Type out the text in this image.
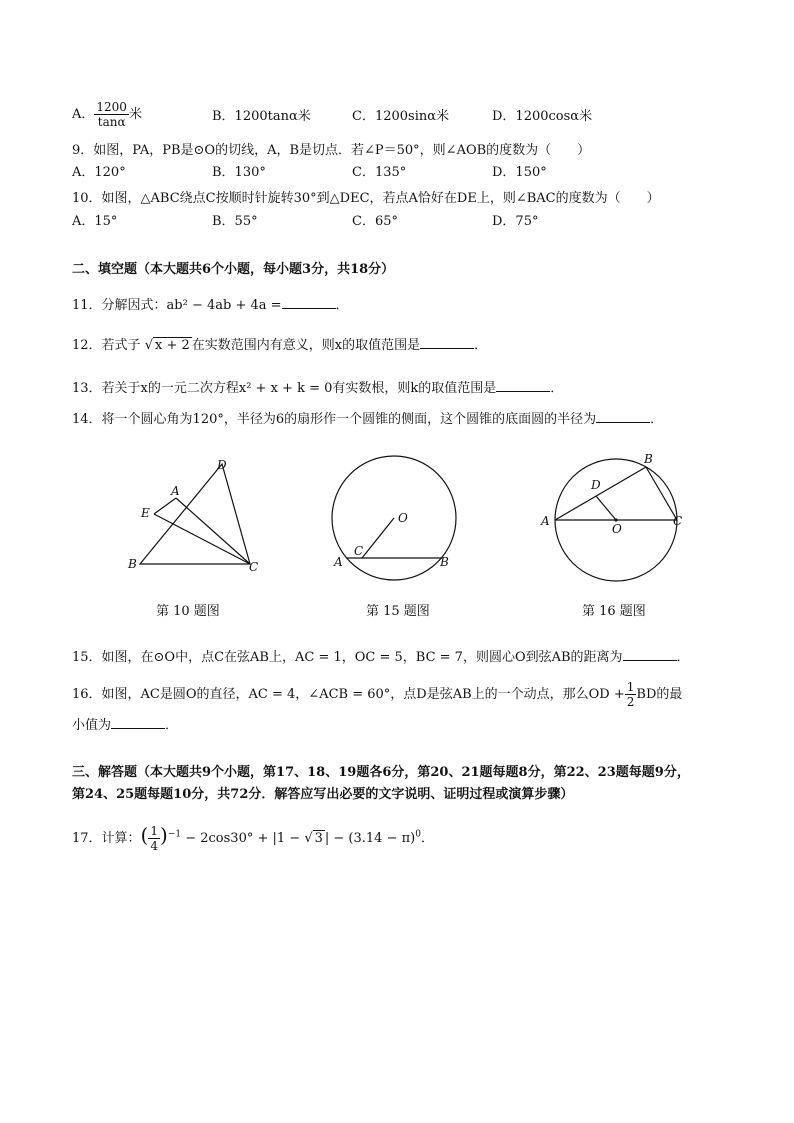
A． $\frac{1200}{\tan\alpha}$ 米	B．1200tanα米	C．1200sinα米	D．1200cosα米
9．如图，PA，PB是⊙O的切线，A，B是切点．若∠P＝50°，则∠AOB的度数为（　　）
A．120°	B．130°	C．135°	D．150°
10．如图，△ABC绕点C按顺时针旋转30°到△DEC，若点A恰好在DE上，则∠BAC的度数为（　　）
A．15°	B．55°	C．65°	D．75°
二、填空题（本大题共6个小题，每小题3分，共18分）
11．分解因式：ab² − 4ab + 4a =	．
12．若式子 √ x + 2 在实数范围内有意义，则x的取值范围是	．
13．若关于x的一元二次方程x² + x + k = 0有实数根，则k的取值范围是	．
14．将一个圆心角为120°，半径为6的扇形作一个圆锥的侧面，这个圆锥的底面圆的半径为	．
D
A
E
B	C
O
C
A	B
B
D
A
O
C
第 10 题图	第 15 题图	第 16 题图
15．如图，在⊙O中，点C在弦AB上，AC = 1，OC = 5，BC = 7，则圆心O到弦AB的距离为	．
16．如图，AC是圆O的直径，AC = 4，∠ACB = 60°，点D是弦AB上的一个动点，那么OD + $\frac{1}{2}$ BD的最
小值为	．
三、解答题（本大题共9个小题，第17、18、19题各6分，第20、21题每题8分，第22、23题每题9分，
第24、25题每题10分，共72分．解答应写出必要的文字说明、证明过程或演算步骤）
17．计算：( $\frac{1}{4} )^{-1} - 2\cos 30^\circ + |1$ − √ 3 | − $(3.14 - \pi)^0$．
